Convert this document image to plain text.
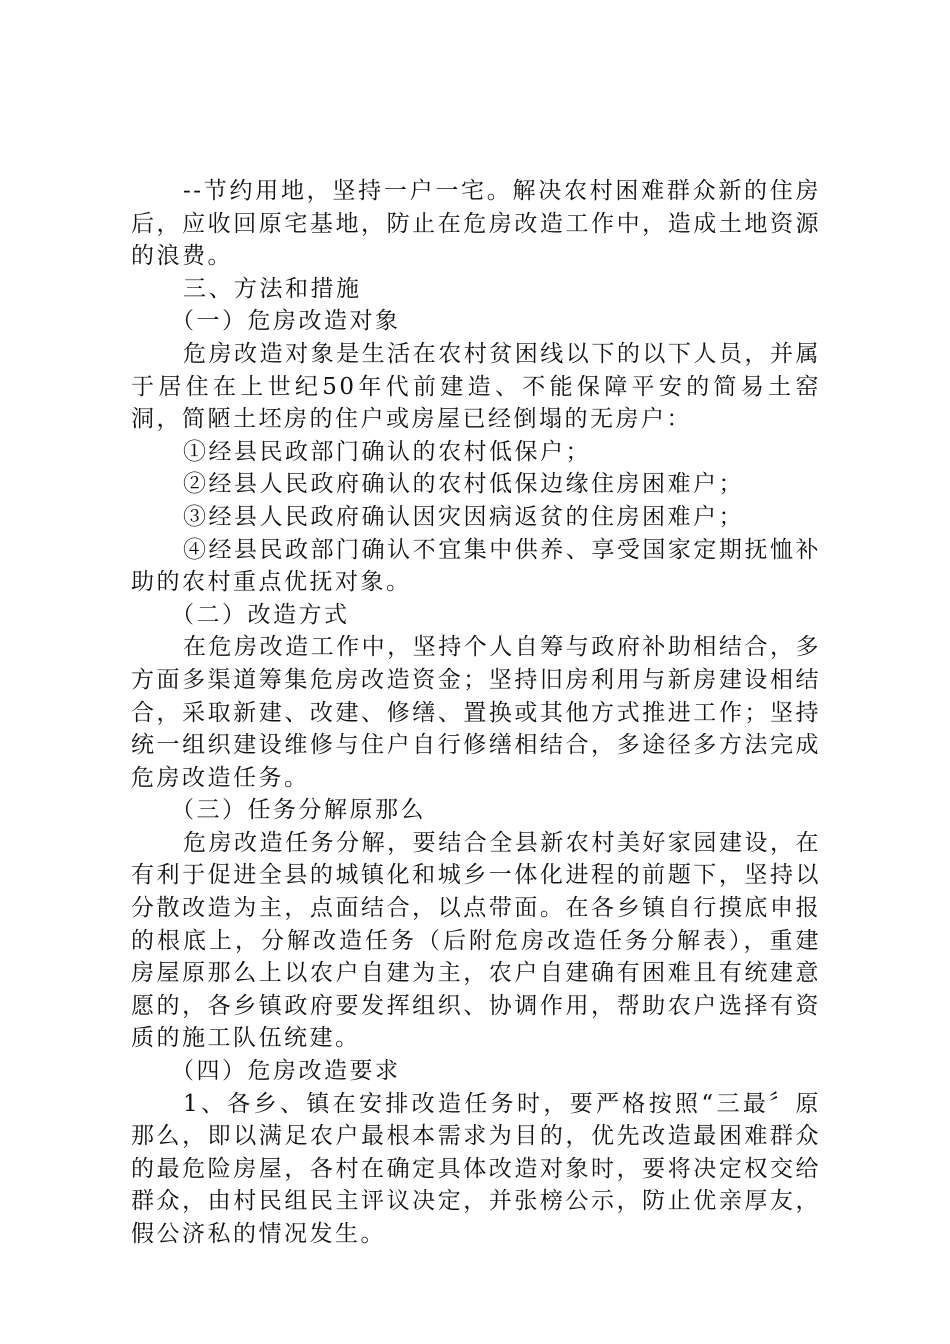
--节约用地，坚持一户一宅。解决农村困难群众新的住房后，应收回原宅基地，防止在危房改造工作中，造成土地资源的浪费。

三、方法和措施

（一）危房改造对象

危房改造对象是生活在农村贫困线以下的以下人员，并属于居住在上世纪50年代前建造、不能保障平安的简易土窑洞，简陋土坯房的住户或房屋已经倒塌的无房户：

①经县民政部门确认的农村低保户；

②经县人民政府确认的农村低保边缘住房困难户；

③经县人民政府确认因灾因病返贫的住房困难户；

④经县民政部门确认不宜集中供养、享受国家定期抚恤补助的农村重点优抚对象。

（二）改造方式

在危房改造工作中，坚持个人自筹与政府补助相结合，多方面多渠道筹集危房改造资金；坚持旧房利用与新房建设相结合，采取新建、改建、修缮、置换或其他方式推进工作；坚持统一组织建设维修与住户自行修缮相结合，多途径多方法完成危房改造任务。

（三）任务分解原那么

危房改造任务分解，要结合全县新农村美好家园建设，在有利于促进全县的城镇化和城乡一体化进程的前题下，坚持以分散改造为主，点面结合，以点带面。在各乡镇自行摸底申报的根底上，分解改造任务（后附危房改造任务分解表），重建房屋原那么上以农户自建为主，农户自建确有困难且有统建意愿的，各乡镇政府要发挥组织、协调作用，帮助农户选择有资质的施工队伍统建。

（四）危房改造要求

1、各乡、镇在安排改造任务时，要严格按照“三最〞原那么，即以满足农户最根本需求为目的，优先改造最困难群众的最危险房屋，各村在确定具体改造对象时，要将决定权交给群众，由村民组民主评议决定，并张榜公示，防止优亲厚友，假公济私的情况发生。
